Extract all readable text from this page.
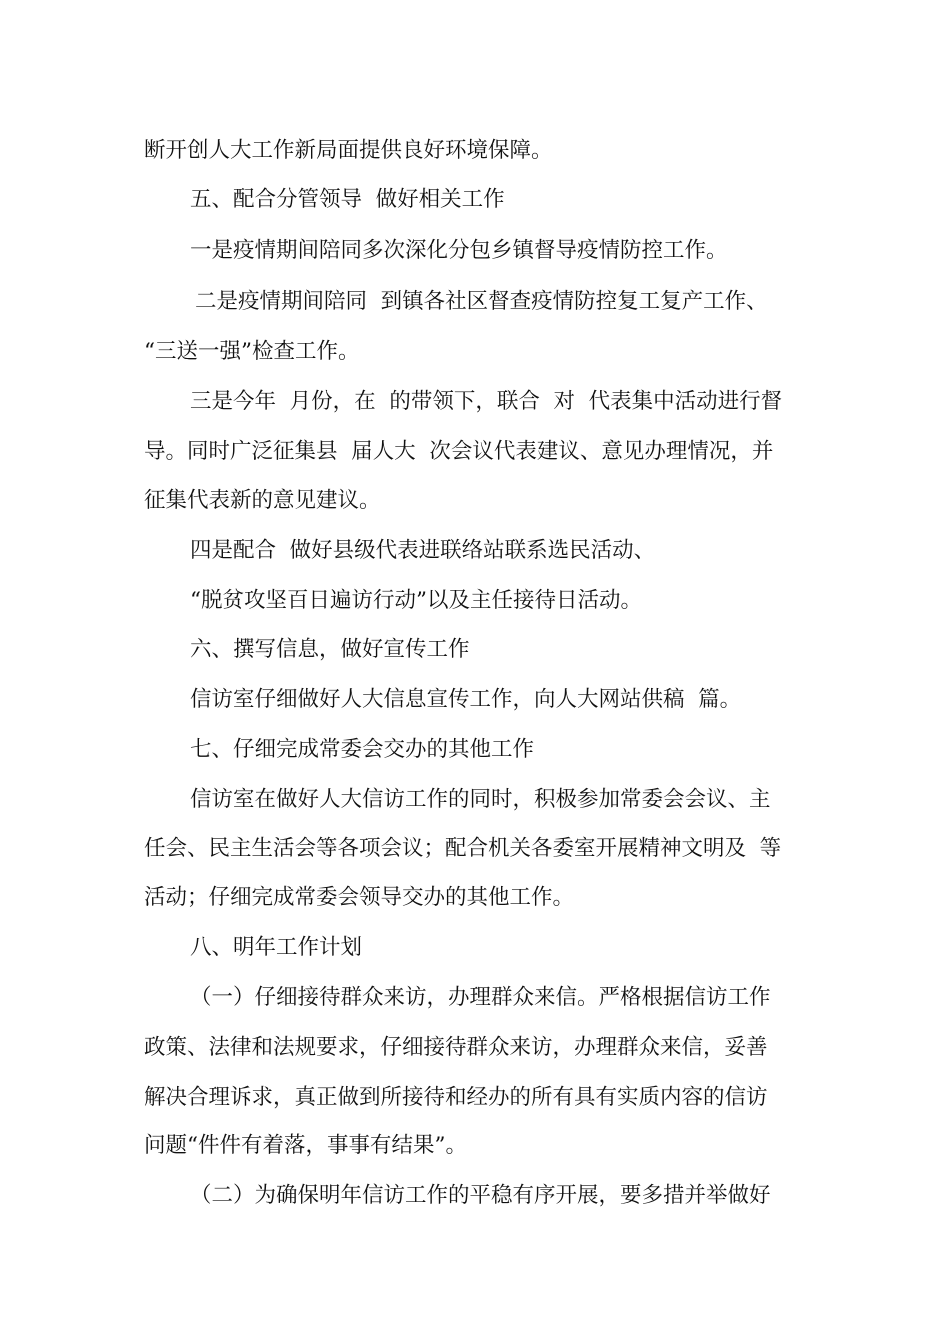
断开创人大工作新局面提供良好环境保障。
五、配合分管领导  做好相关工作
一是疫情期间陪同多次深化分包乡镇督导疫情防控工作。
二是疫情期间陪同  到镇各社区督查疫情防控复工复产工作、
“三送一强”检查工作。
三是今年  月份，在  的带领下，联合  对  代表集中活动进行督
导。同时广泛征集县  届人大  次会议代表建议、意见办理情况，并
征集代表新的意见建议。
四是配合  做好县级代表进联络站联系选民活动、
“脱贫攻坚百日遍访行动”以及主任接待日活动。
六、撰写信息，做好宣传工作
信访室仔细做好人大信息宣传工作，向人大网站供稿  篇。
七、仔细完成常委会交办的其他工作
信访室在做好人大信访工作的同时，积极参加常委会会议、主
任会、民主生活会等各项会议；配合机关各委室开展精神文明及  等
活动；仔细完成常委会领导交办的其他工作。
八、明年工作计划
（一）仔细接待群众来访，办理群众来信。严格根据信访工作
政策、法律和法规要求，仔细接待群众来访，办理群众来信，妥善
解决合理诉求，真正做到所接待和经办的所有具有实质内容的信访
问题“件件有着落，事事有结果”。
（二）为确保明年信访工作的平稳有序开展，要多措并举做好
